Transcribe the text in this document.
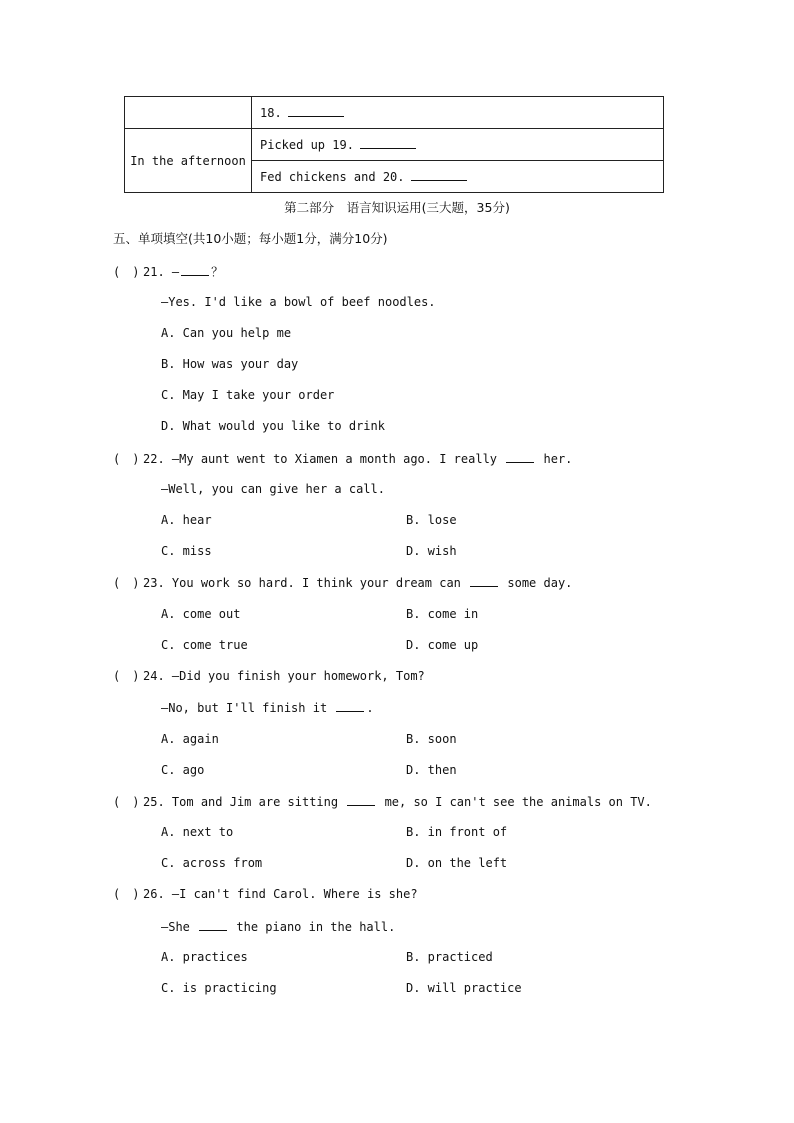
	18.
In the afternoon	Picked up 19.
	Fed chickens and 20.
第二部分　语言知识运用(三大题，35分)
五、单项填空(共10小题；每小题1分，满分10分)
(　) 21. —	？
—Yes. I'd like a bowl of beef noodles.
A. Can you help me
B. How was your day
C. May I take your order
D. What would you like to drink
(　) 22. —My aunt went to Xiamen a month ago. I really	her.
—Well, you can give her a call.
A. hear	B. lose
C. miss	D. wish
(　) 23. You work so hard. I think your dream can	some day.
A. come out	B. come in
C. come true	D. come up
(　) 24. —Did you finish your homework, Tom?
—No, but I'll finish it	.
A. again	B. soon
C. ago	D. then
(　) 25. Tom and Jim are sitting	me, so I can't see the animals on TV.
A. next to	B. in front of
C. across from	D. on the left
(　) 26. —I can't find Carol. Where is she?
—She	the piano in the hall.
A. practices	B. practiced
C. is practicing	D. will practice
